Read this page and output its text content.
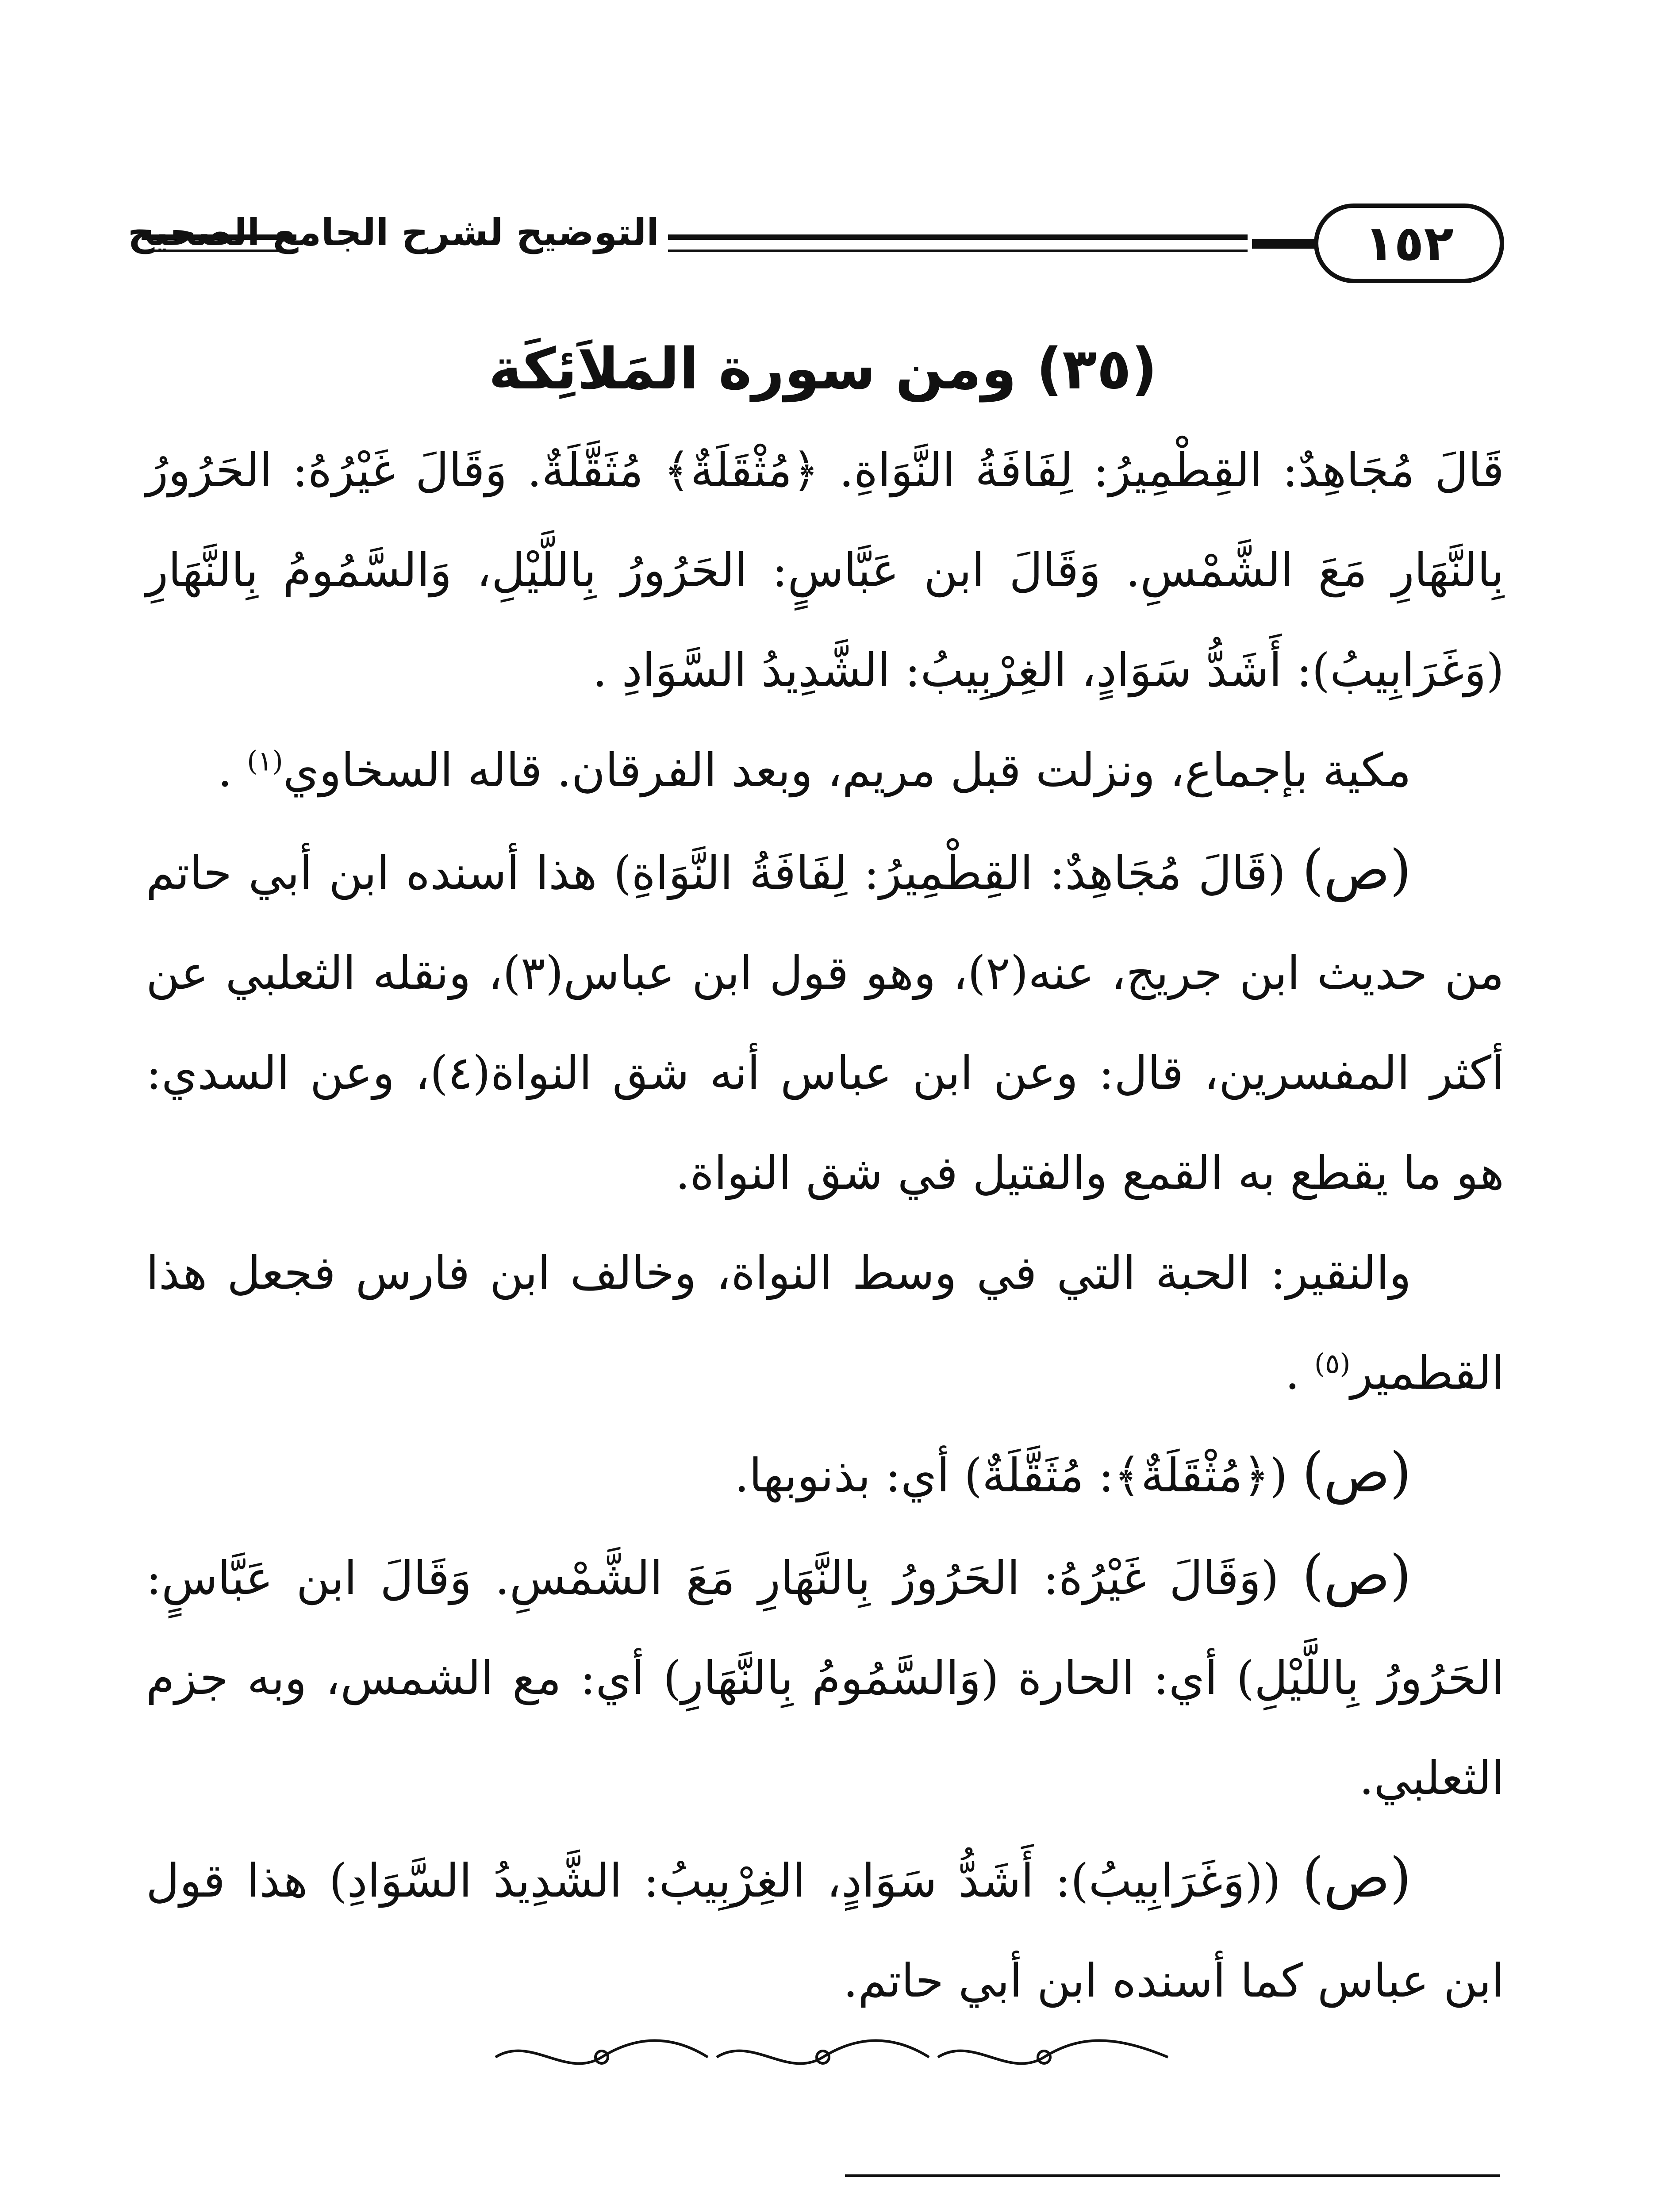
١٥٢
التوضيح لشرح الجامع الصحيح
(٣٥) ومن سورة المَلاَئِكَة

قَالَ مُجَاهِدٌ: القِطْمِيرُ: لِفَافَةُ النَّوَاةِ. ﴿مُثْقَلَةٌ﴾ مُثَقَّلَةٌ. وَقَالَ غَيْرُهُ: الحَرُورُ بِالنَّهَارِ مَعَ الشَّمْسِ. وَقَالَ ابن عَبَّاسٍ: الحَرُورُ بِاللَّيْلِ، وَالسَّمُومُ بِالنَّهَارِ (وَغَرَابِيبُ): أَشَدُّ سَوَادٍ، الغِرْبِيبُ: الشَّدِيدُ السَّوَادِ .

مكية بإجماع، ونزلت قبل مريم، وبعد الفرقان. قاله السخاوي$^{(١)}$ .

(ص) (قَالَ مُجَاهِدٌ: القِطْمِيرُ: لِفَافَةُ النَّوَاةِ) هذا أسنده ابن أبي حاتم من حديث ابن جريج، عنه(٢)، وهو قول ابن عباس(٣)، ونقله الثعلبي عن أكثر المفسرين، قال: وعن ابن عباس أنه شق النواة(٤)، وعن السدي: هو ما يقطع به القمع والفتيل في شق النواة.

والنقير: الحبة التي في وسط النواة، وخالف ابن فارس فجعل هذا القطمير$^{(٥)}$ .

(ص) (﴿مُثْقَلَةٌ﴾: مُثَقَّلَةٌ) أي: بذنوبها.

(ص) (وَقَالَ غَيْرُهُ: الحَرُورُ بِالنَّهَارِ مَعَ الشَّمْسِ. وَقَالَ ابن عَبَّاسٍ: الحَرُورُ بِاللَّيْلِ) أي: الحارة (وَالسَّمُومُ بِالنَّهَارِ) أي: مع الشمس، وبه جزم الثعلبي.

(ص) ((وَغَرَابِيبُ): أَشَدُّ سَوَادٍ، الغِرْبِيبُ: الشَّدِيدُ السَّوَادِ) هذا قول ابن عباس كما أسنده ابن أبي حاتم.
